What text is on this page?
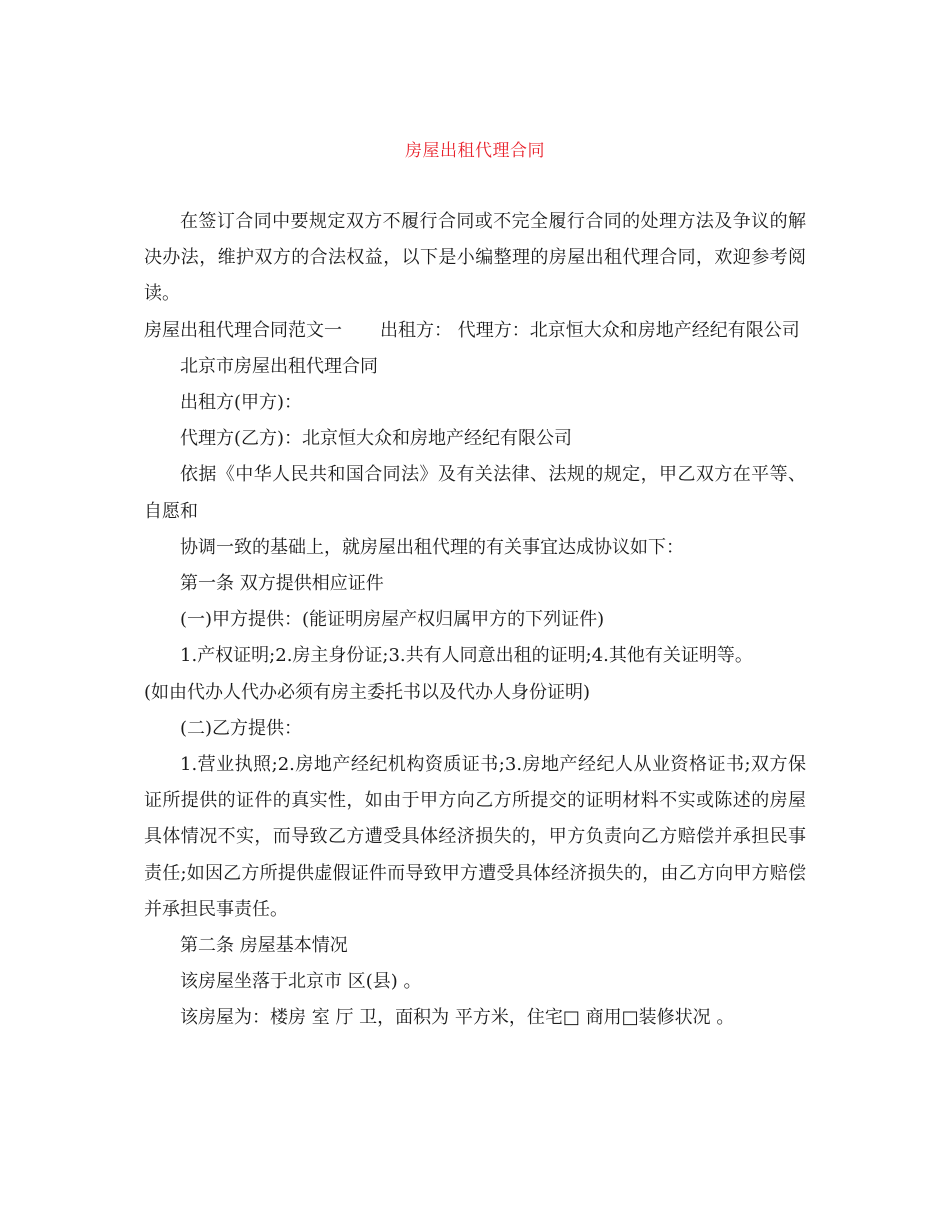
房屋出租代理合同

在签订合同中要规定双方不履行合同或不完全履行合同的处理方法及争议的解决办法，维护双方的合法权益，以下是小编整理的房屋出租代理合同，欢迎参考阅读。

房屋出租代理合同范文一 出租方： 代理方：北京恒大众和房地产经纪有限公司

北京市房屋出租代理合同

出租方(甲方)：

代理方(乙方)：北京恒大众和房地产经纪有限公司

依据《中华人民共和国合同法》及有关法律、法规的规定，甲乙双方在平等、自愿和

协调一致的基础上，就房屋出租代理的有关事宜达成协议如下：

第一条 双方提供相应证件

(一)甲方提供：(能证明房屋产权归属甲方的下列证件)

1.产权证明;2.房主身份证;3.共有人同意出租的证明;4.其他有关证明等。

(如由代办人代办必须有房主委托书以及代办人身份证明)

(二)乙方提供：

1.营业执照;2.房地产经纪机构资质证书;3.房地产经纪人从业资格证书;双方保证所提供的证件的真实性，如由于甲方向乙方所提交的证明材料不实或陈述的房屋具体情况不实，而导致乙方遭受具体经济损失的，甲方负责向乙方赔偿并承担民事责任;如因乙方所提供虚假证件而导致甲方遭受具体经济损失的，由乙方向甲方赔偿并承担民事责任。

第二条 房屋基本情况

该房屋坐落于北京市 区(县) 。

该房屋为：楼房 室 厅 卫，面积为 平方米，住宅□ 商用□装修状况 。
